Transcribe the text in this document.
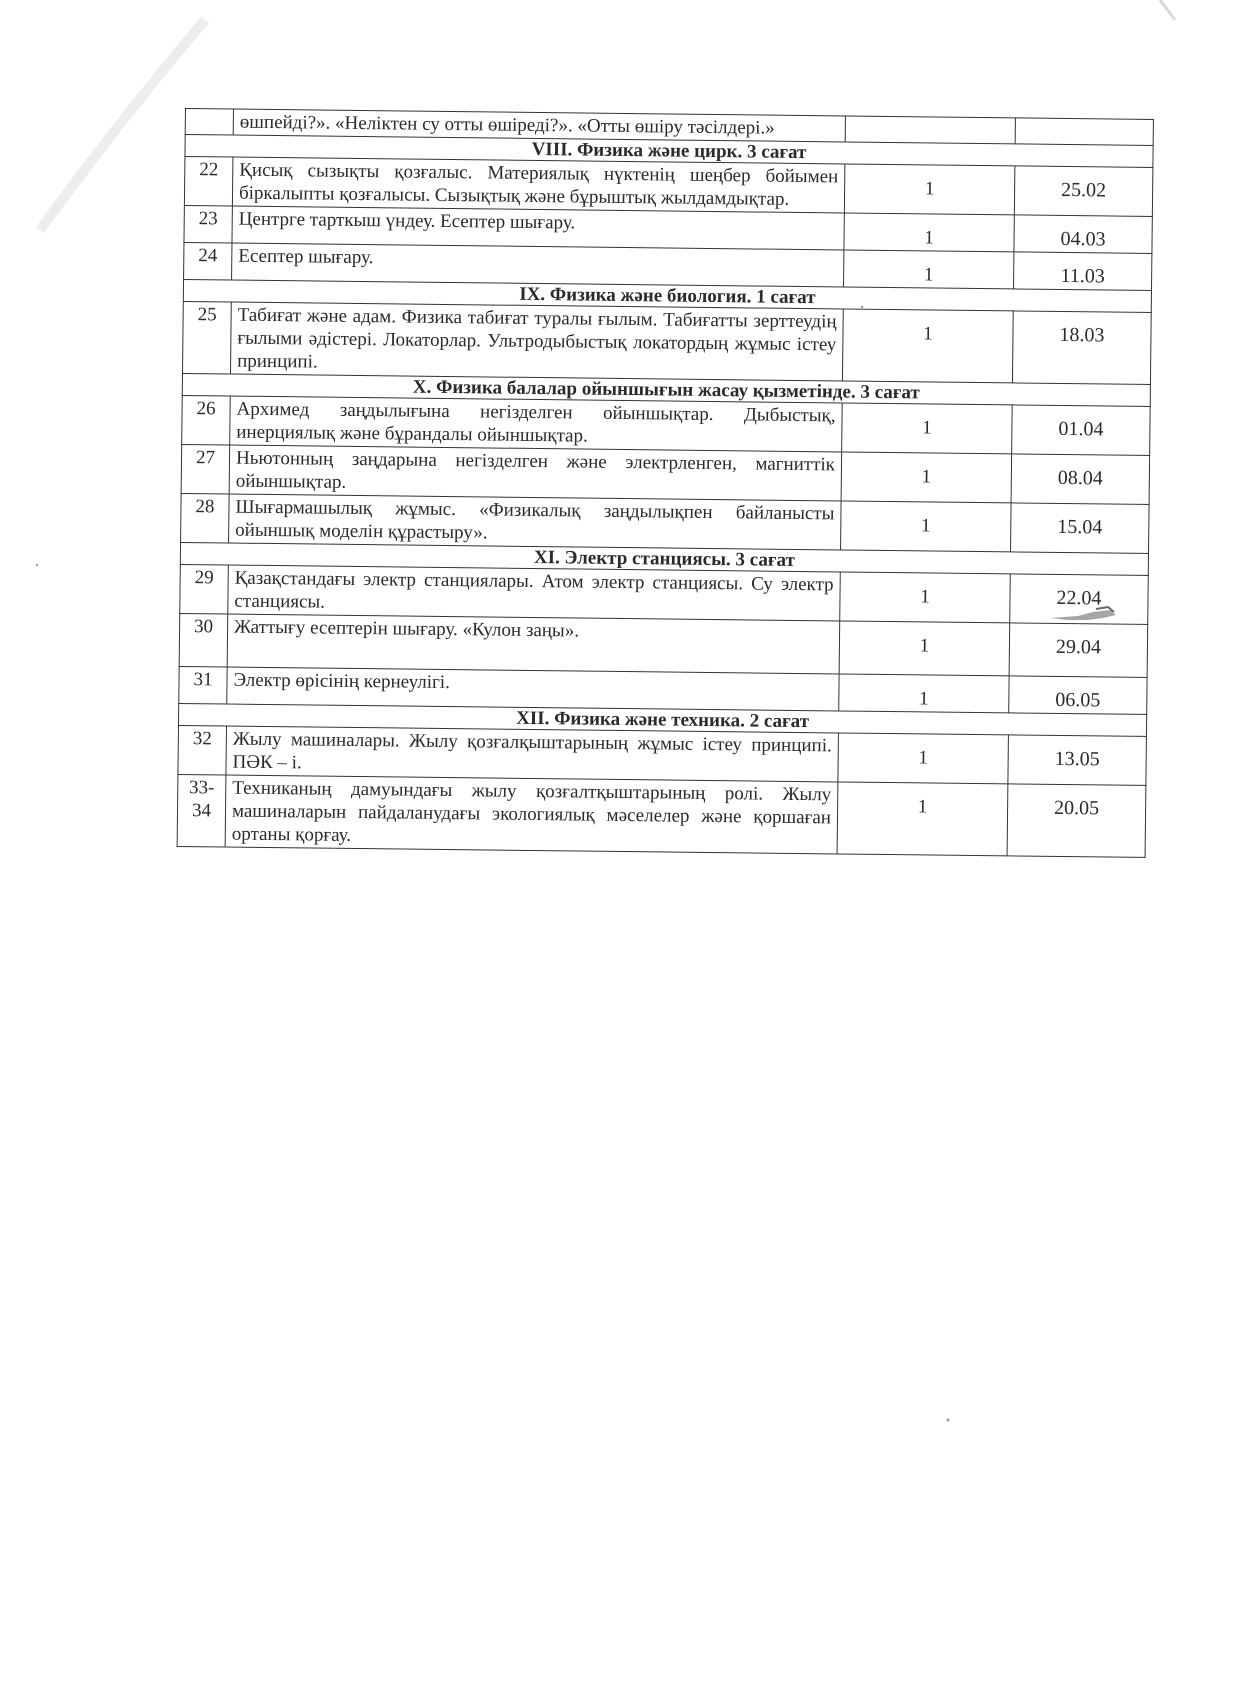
	өшпейді?». «Неліктен су отты өшіреді?». «Отты өшіру тәсілдері.»		
VIII. Физика және цирк. 3 сағат			
22	Қисық сызықты қозғалыс. Материялық нүктенің шеңбер бойымен біркалыпты қозғалысы. Сызықтық және бұрыштық жылдамдықтар.	1	25.02
23	Центрге тарткыш үндеу. Есептер шығару.	1	04.03
24	Есептер шығару.	1	11.03
IX. Физика және биология. 1 сағат			
25	Табиғат және адам. Физика табиғат туралы ғылым. Табиғатты зерттеудің ғылыми әдістері. Локаторлар. Ультродыбыстық локатордың жұмыс істеу принципі.	1	18.03
X. Физика балалар ойыншығын жасау қызметінде. 3 сағат			
26	Архимед заңдылығына негізделген ойыншықтар. Дыбыстық, инерциялық және бұрандалы ойыншықтар.	1	01.04
27	Ньютонның заңдарына негізделген және электрленген, магниттік ойыншықтар.	1	08.04
28	Шығармашылық жұмыс. «Физикалық заңдылықпен байланысты ойыншық моделін құрастыру».	1	15.04
XI. Электр станциясы. 3 сағат			
29	Қазақстандағы электр станциялары. Атом электр станциясы. Су электр станциясы.	1	22.04
30	Жаттығу есептерін шығару. «Кулон заңы».	1	29.04
31	Электр өрісінің кернеулігі.	1	06.05
XII. Физика және техника. 2 сағат			
32	Жылу машиналары. Жылу қозғалқыштарының жұмыс істеу принципі. ПӘК – і.	1	13.05
33-34	Техниканың дамуындағы жылу қозғалтқыштарының ролі. Жылу машиналарын пайдаланудағы экологиялық мәселелер және қоршаған ортаны қорғау.	1	20.05
